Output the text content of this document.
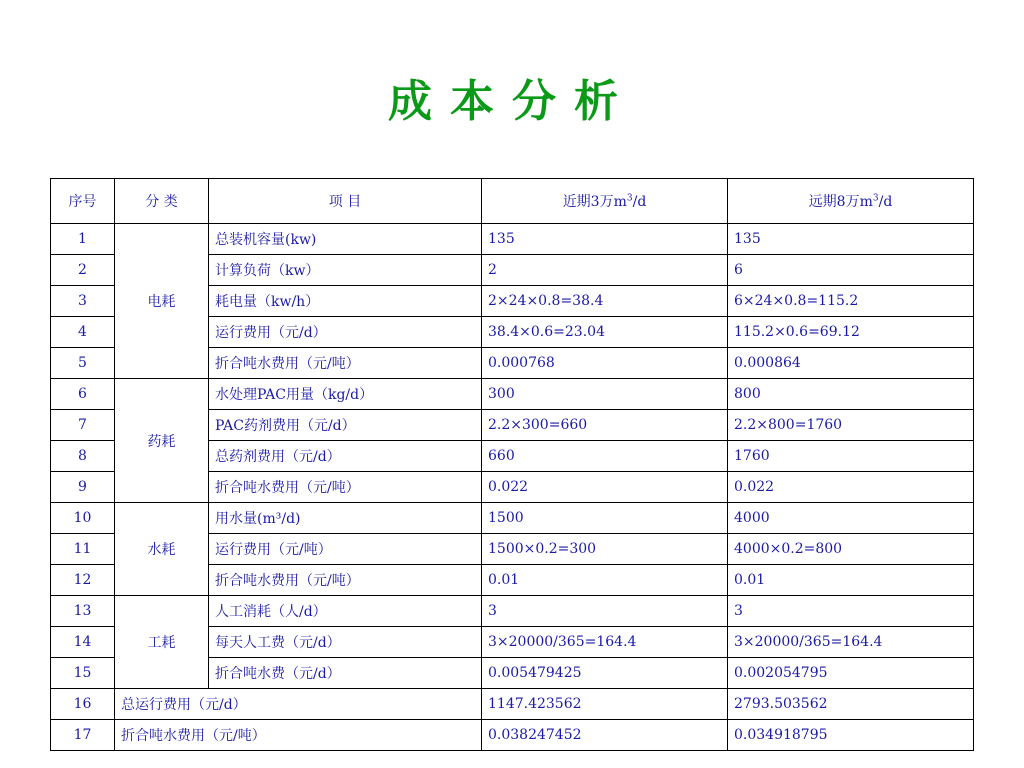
成本分析
序号	分 类	项 目	近期3万$m^3/d$	远期8万$m^3/d$
1	电耗	总装机容量(kw)	135	135
2		计算负荷（kw）	2	6
3		耗电量（kw/h）	2×24×0.8=38.4	6×24×0.8=115.2
4		运行费用（元/d）	38.4×0.6=23.04	115.2×0.6=69.12
5		折合吨水费用（元/吨）	0.000768	0.000864
6	药耗	水处理PAC用量（kg/d）	300	800
7		PAC药剂费用（元/d）	2.2×300=660	2.2×800=1760
8		总药剂费用（元/d）	660	1760
9		折合吨水费用（元/吨）	0.022	0.022
10	水耗	用水量(m³/d)	1500	4000
11		运行费用（元/吨）	1500×0.2=300	4000×0.2=800
12		折合吨水费用（元/吨）	0.01	0.01
13	工耗	人工消耗（人/d）	3	3
14		每天人工费（元/d）	3×20000/365=164.4	3×20000/365=164.4
15		折合吨水费（元/d）	0.005479425	0.002054795
16	总运行费用（元/d）		1147.423562	2793.503562
17	折合吨水费用（元/吨）		0.038247452	0.034918795
